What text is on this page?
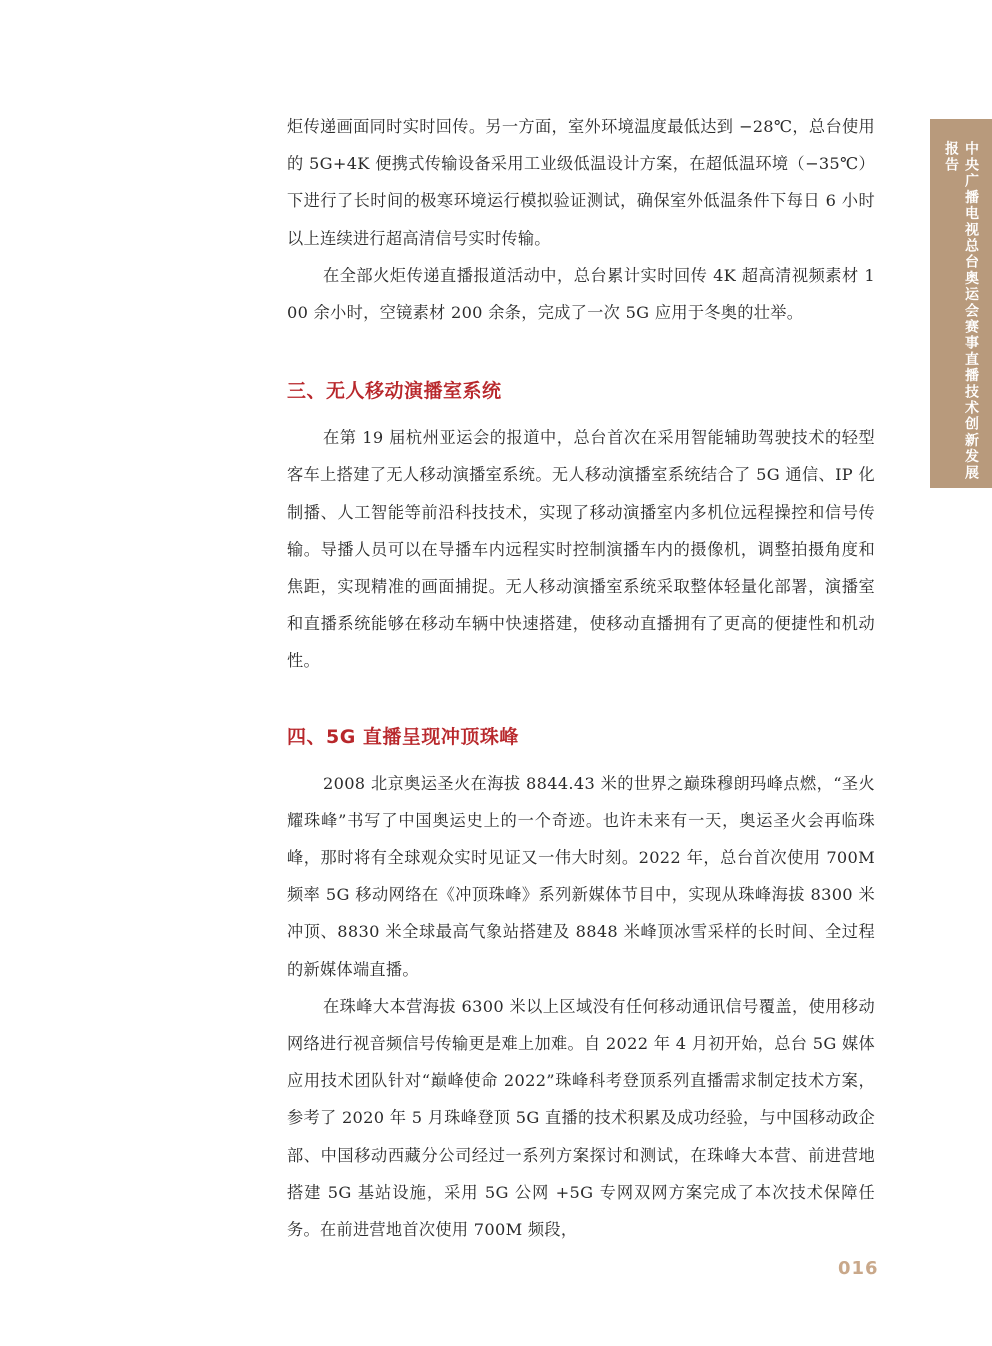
炬传递画面同时实时回传。另一方面，室外环境温度最低达到 −28℃，总台使用的 5G+4K 便携式传输设备采用工业级低温设计方案，在超低温环境（−35℃）下进行了长时间的极寒环境运行模拟验证测试，确保室外低温条件下每日 6 小时以上连续进行超高清信号实时传输。

在全部火炬传递直播报道活动中，总台累计实时回传 4K 超高清视频素材 100 余小时，空镜素材 200 余条，完成了一次 5G 应用于冬奥的壮举。

三、无人移动演播室系统

在第 19 届杭州亚运会的报道中，总台首次在采用智能辅助驾驶技术的轻型客车上搭建了无人移动演播室系统。无人移动演播室系统结合了 5G 通信、IP 化制播、人工智能等前沿科技技术，实现了移动演播室内多机位远程操控和信号传输。导播人员可以在导播车内远程实时控制演播车内的摄像机，调整拍摄角度和焦距，实现精准的画面捕捉。无人移动演播室系统采取整体轻量化部署，演播室和直播系统能够在移动车辆中快速搭建，使移动直播拥有了更高的便捷性和机动性。

四、5G 直播呈现冲顶珠峰

2008 北京奥运圣火在海拔 8844.43 米的世界之巅珠穆朗玛峰点燃，“圣火耀珠峰”书写了中国奥运史上的一个奇迹。也许未来有一天，奥运圣火会再临珠峰，那时将有全球观众实时见证又一伟大时刻。2022 年，总台首次使用 700M 频率 5G 移动网络在《冲顶珠峰》系列新媒体节目中，实现从珠峰海拔 8300 米冲顶、8830 米全球最高气象站搭建及 8848 米峰顶冰雪采样的长时间、全过程的新媒体端直播。

在珠峰大本营海拔 6300 米以上区域没有任何移动通讯信号覆盖，使用移动网络进行视音频信号传输更是难上加难。自 2022 年 4 月初开始，总台 5G 媒体应用技术团队针对“巅峰使命 2022”珠峰科考登顶系列直播需求制定技术方案，参考了 2020 年 5 月珠峰登顶 5G 直播的技术积累及成功经验，与中国移动政企部、中国移动西藏分公司经过一系列方案探讨和测试，在珠峰大本营、前进营地搭建 5G 基站设施，采用 5G 公网 +5G 专网双网方案完成了本次技术保障任务。在前进营地首次使用 700M 频段，

中央广播电视总台奥运会赛事直播技术创新发展报告
016
